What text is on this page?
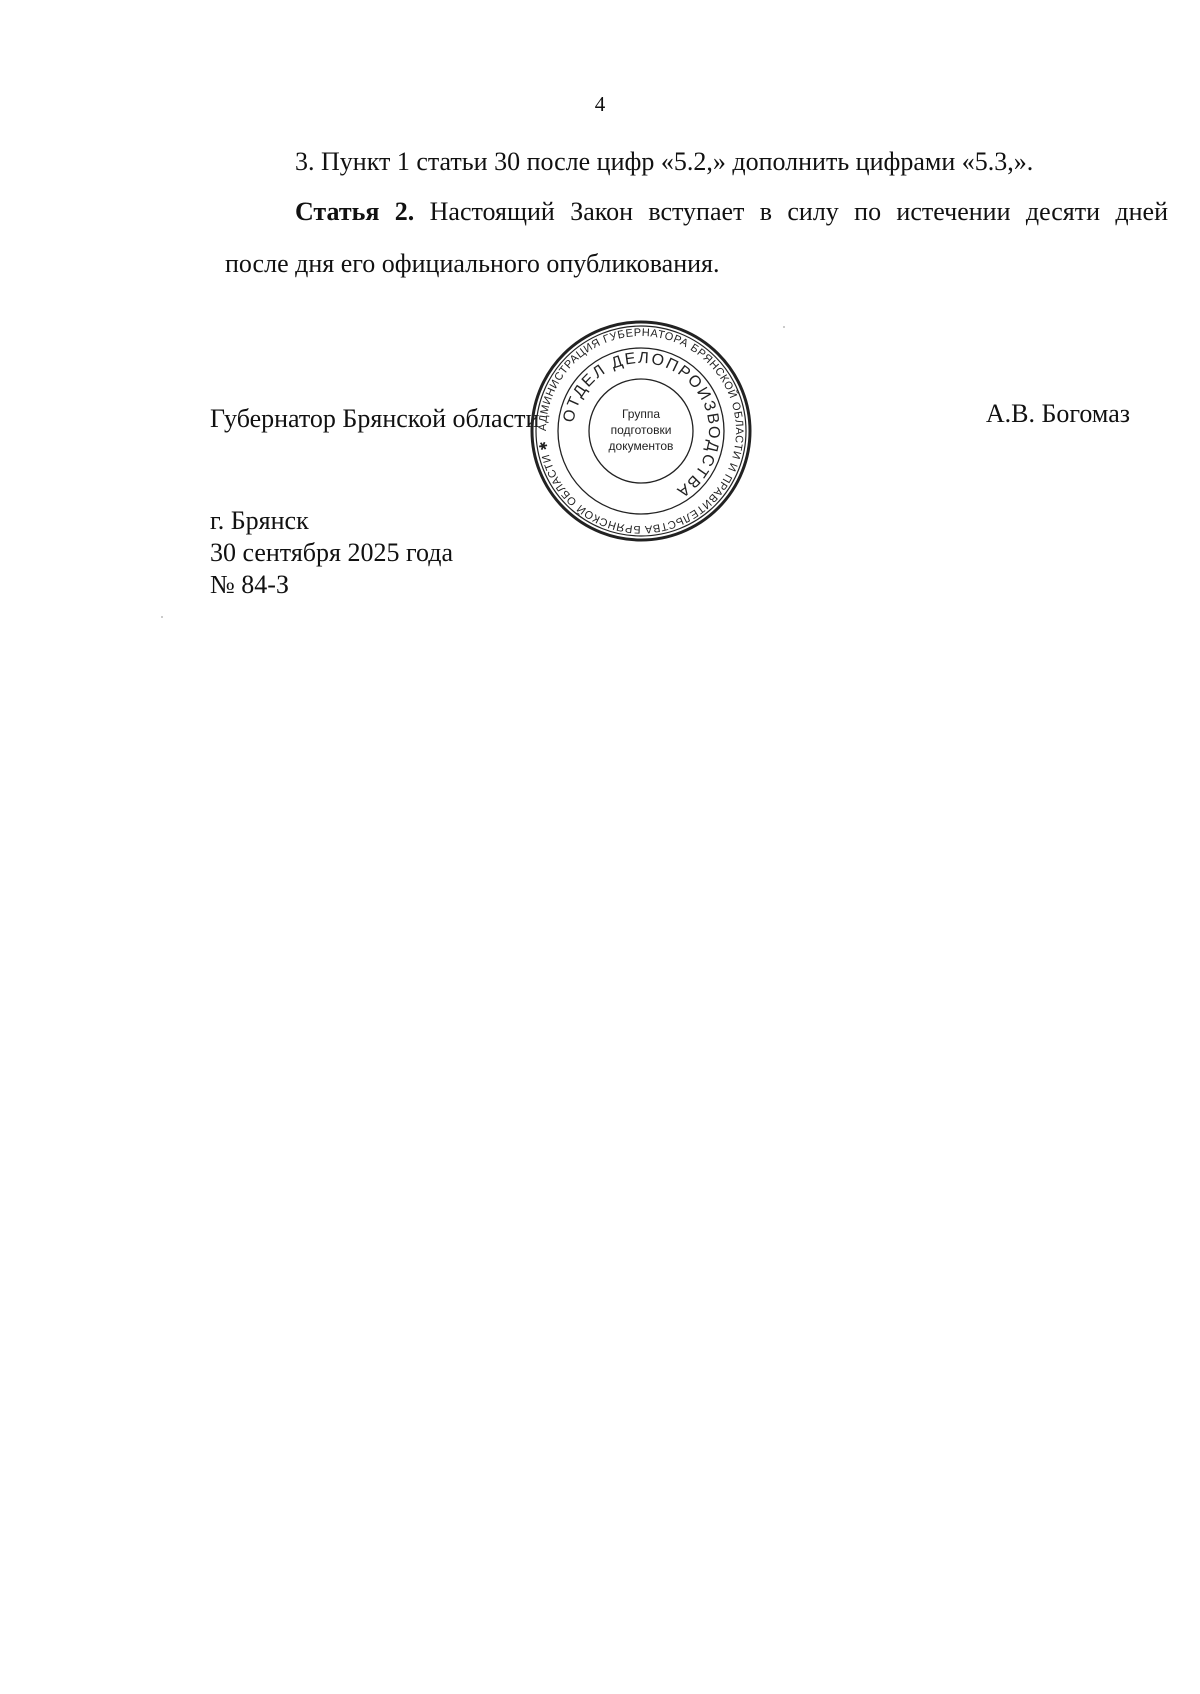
4
3. Пункт 1 статьи 30 после цифр «5.2,» дополнить цифрами «5.3,».
Статья 2. Настоящий Закон вступает в силу по истечении десяти дней
после дня его официального опубликования.
Губернатор Брянской области	А.В. Богомаз
АДМИНИСТРАЦИЯ ГУБЕРНАТОРА БРЯНСКОЙ ОБЛАСТИ И ПРАВИТЕЛЬСТВА БРЯНСКОЙ ОБЛАСТИ ✱
ОТДЕЛ ДЕЛОПРОИЗВОДСТВА
Группа
подготовки
документов
г. Брянск
30 сентября 2025 года
№ 84-З
